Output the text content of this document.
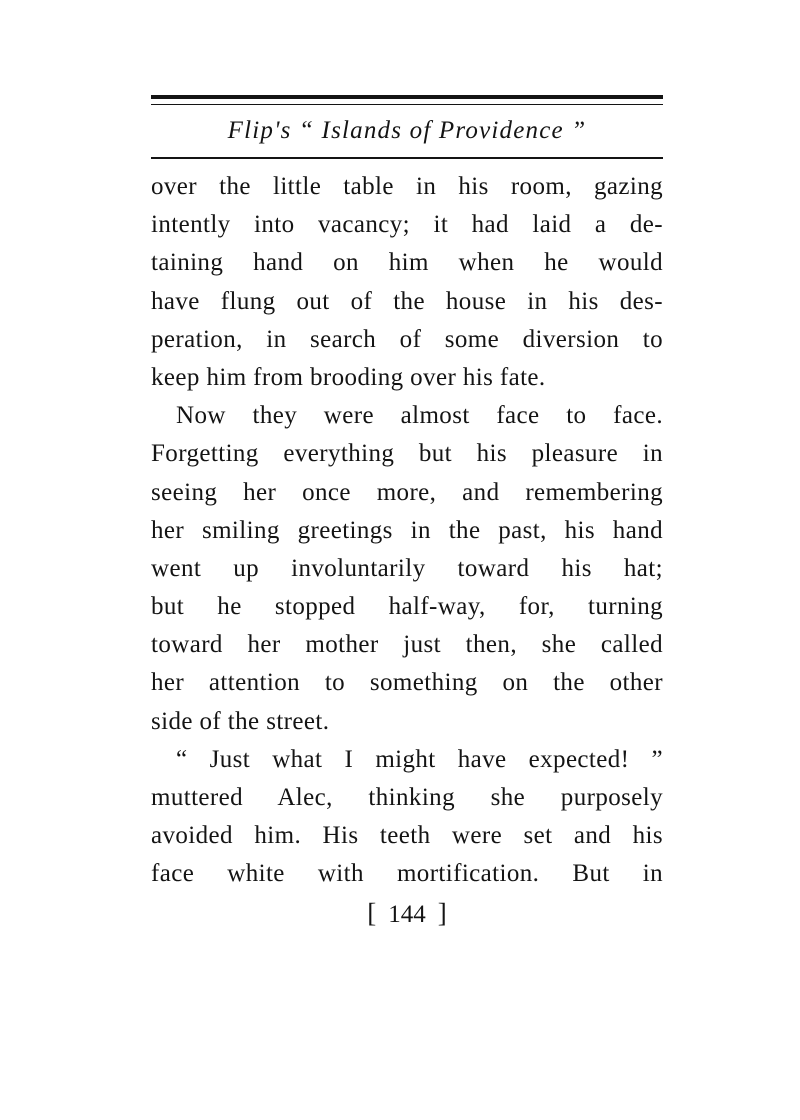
Flip's “ Islands of Providence ”
over the little table in his room, gazing
intently into vacancy; it had laid a de-
taining hand on him when he would
have flung out of the house in his des-
peration, in search of some diversion to
keep him from brooding over his fate.
Now they were almost face to face.
Forgetting everything but his pleasure in
seeing her once more, and remembering
her smiling greetings in the past, his hand
went up involuntarily toward his hat;
but he stopped half-way, for, turning
toward her mother just then, she called
her attention to something on the other
side of the street.
“ Just what I might have expected! ”
muttered Alec, thinking she purposely
avoided him. His teeth were set and his
face white with mortification. But in
[ 144 ]
